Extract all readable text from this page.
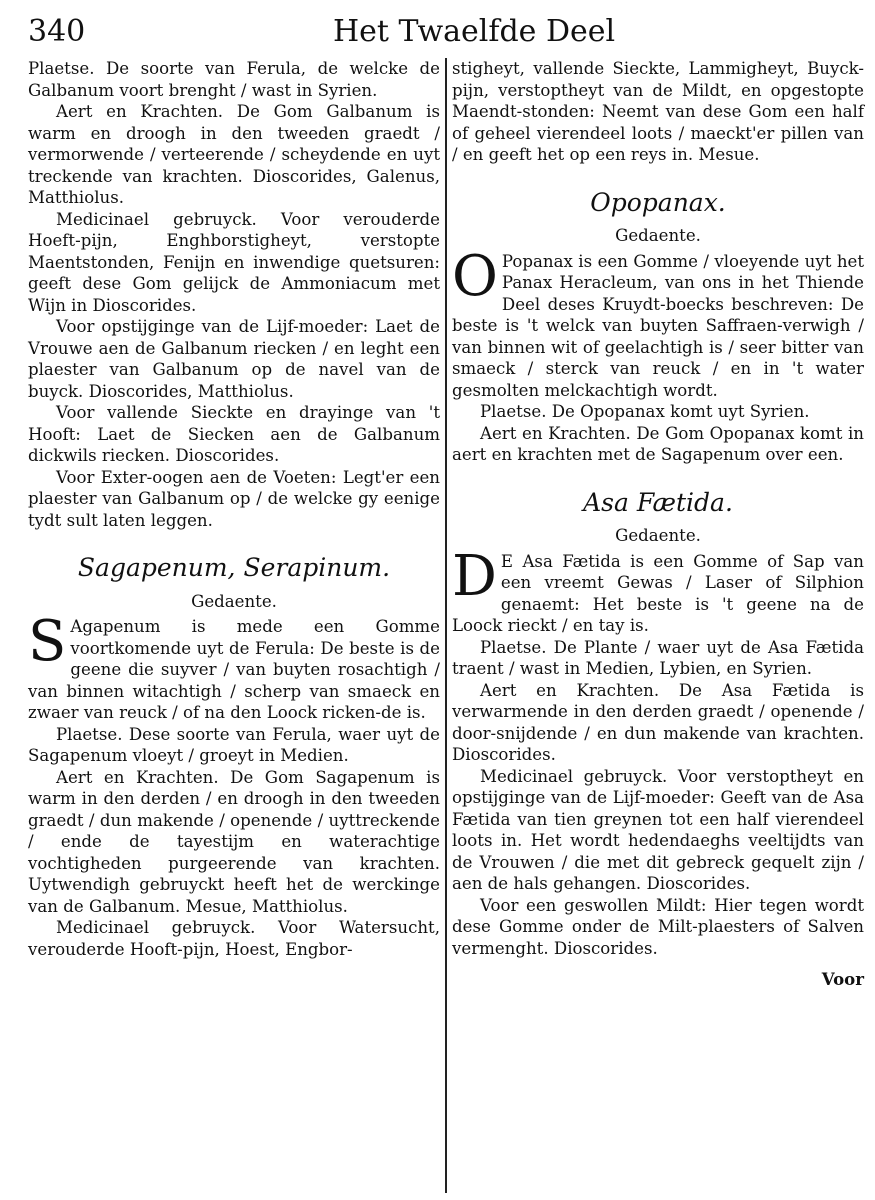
340	Het Twaelfde Deel

Plaetse. De soorte van Ferula, de welcke de Galbanum voort brenght / wast in Syrien.

Aert en Krachten. De Gom Galbanum is warm en droogh in den tweeden graedt / vermorwende / verteerende / scheydende en uyt treckende van krachten. Dioscorides, Galenus, Matthiolus.

Medicinael gebruyck. Voor verouderde Hoeft-pijn, Enghborstigheyt, verstopte Maentstonden, Fenijn en inwendige quetsuren: geeft dese Gom gelijck de Ammoniacum met Wijn in Dioscorides.

Voor opstijginge van de Lijf-moeder: Laet de Vrouwe aen de Galbanum riecken / en leght een plaester van Galbanum op de navel van de buyck. Dioscorides, Matthiolus.

Voor vallende Sieckte en drayinge van 't Hooft: Laet de Siecken aen de Galbanum dickwils riecken. Dioscorides.

Voor Exter-oogen aen de Voeten: Legt'er een plaester van Galbanum op / de welcke gy eenige tydt sult laten leggen.

Sagapenum, Serapinum.
Gedaente.

S Agapenum is mede een Gomme voortkomende uyt de Ferula: De beste is de geene die suyver / van buyten rosachtigh / van binnen witachtigh / scherp van smaeck en zwaer van reuck / of na den Loock ricken-de is.

Plaetse. Dese soorte van Ferula, waer uyt de Sagapenum vloeyt / groeyt in Medien.

Aert en Krachten. De Gom Sagapenum is warm in den derden / en droogh in den tweeden graedt / dun makende / openende / uyttreckende / ende de tayestijm en waterachtige vochtigheden purgeerende van krachten. Uytwendigh gebruyckt heeft het de werckinge van de Galbanum. Mesue, Matthiolus.

Medicinael gebruyck. Voor Watersucht, verouderde Hooft-pijn, Hoest, Engbor-

stigheyt, vallende Sieckte, Lammigheyt, Buyck-pijn, verstoptheyt van de Mildt, en opgestopte Maendt-stonden: Neemt van dese Gom een half of geheel vierendeel loots / maeckt'er pillen van / en geeft het op een reys in. Mesue.

Opopanax.
Gedaente.

O Popanax is een Gomme / vloeyende uyt het Panax Heracleum, van ons in het Thiende Deel deses Kruydt-boecks beschreven: De beste is 't welck van buyten Saffraen-verwigh / van binnen wit of geelachtigh is / seer bitter van smaeck / sterck van reuck / en in 't water gesmolten melckachtigh wordt.

Plaetse. De Opopanax komt uyt Syrien.

Aert en Krachten. De Gom Opopanax komt in aert en krachten met de Sagapenum over een.

Asa Fætida.
Gedaente.

D E Asa Fætida is een Gomme of Sap van een vreemt Gewas / Laser of Silphion genaemt: Het beste is 't geene na de Loock rieckt / en tay is.

Plaetse. De Plante / waer uyt de Asa Fætida traent / wast in Medien, Lybien, en Syrien.

Aert en Krachten. De Asa Fætida is verwarmende in den derden graedt / openende / door-snijdende / en dun makende van krachten. Dioscorides.

Medicinael gebruyck. Voor verstoptheyt en opstijginge van de Lijf-moeder: Geeft van de Asa Fætida van tien greynen tot een half vierendeel loots in. Het wordt hedendaeghs veeltijdts van de Vrouwen / die met dit gebreck gequelt zijn / aen de hals gehangen. Dioscorides.

Voor een geswollen Mildt: Hier tegen wordt dese Gomme onder de Milt-plaesters of Salven vermenght. Dioscorides.

Voor
